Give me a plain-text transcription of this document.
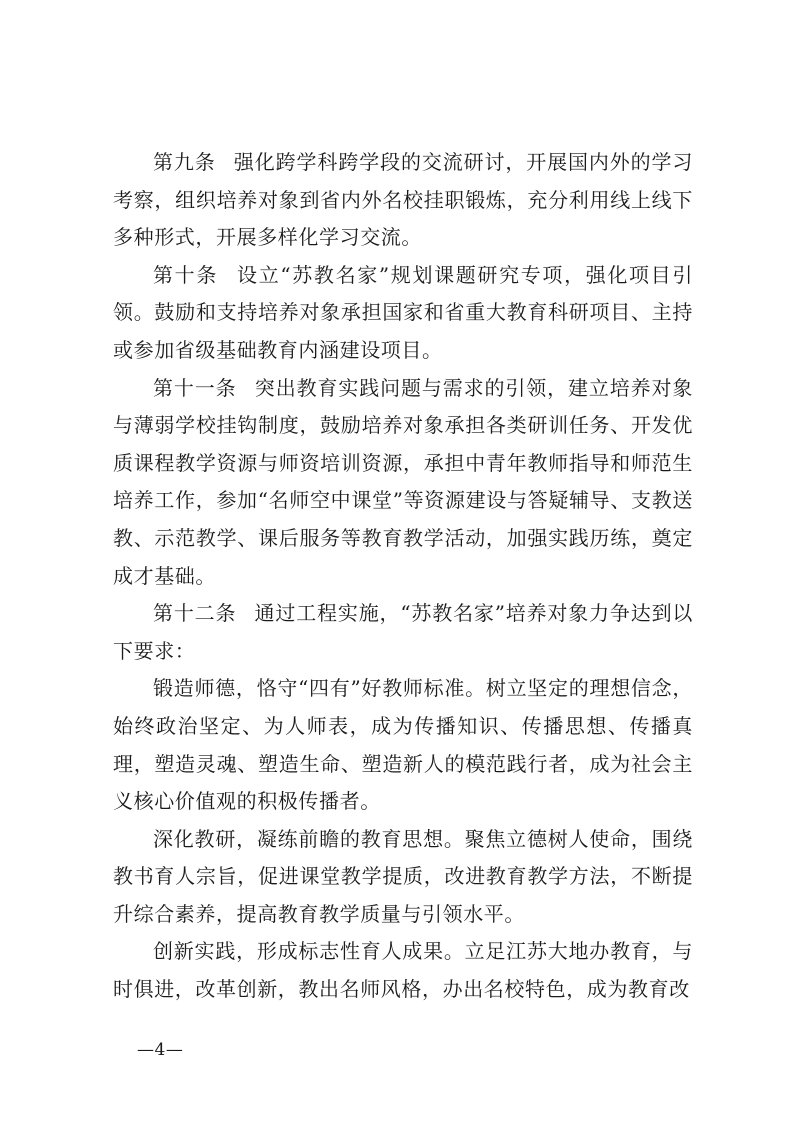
第九条 强化跨学科跨学段的交流研讨，开展国内外的学习考察，组织培养对象到省内外名校挂职锻炼，充分利用线上线下多种形式，开展多样化学习交流。

第十条 设立“苏教名家”规划课题研究专项，强化项目引领。鼓励和支持培养对象承担国家和省重大教育科研项目、主持或参加省级基础教育内涵建设项目。

第十一条 突出教育实践问题与需求的引领，建立培养对象与薄弱学校挂钩制度，鼓励培养对象承担各类研训任务、开发优质课程教学资源与师资培训资源，承担中青年教师指导和师范生培养工作，参加“名师空中课堂”等资源建设与答疑辅导、支教送教、示范教学、课后服务等教育教学活动，加强实践历练，奠定成才基础。

第十二条 通过工程实施，“苏教名家”培养对象力争达到以下要求：

锻造师德，恪守“四有”好教师标准。树立坚定的理想信念，始终政治坚定、为人师表，成为传播知识、传播思想、传播真理，塑造灵魂、塑造生命、塑造新人的模范践行者，成为社会主义核心价值观的积极传播者。

深化教研，凝练前瞻的教育思想。聚焦立德树人使命，围绕教书育人宗旨，促进课堂教学提质，改进教育教学方法，不断提升综合素养，提高教育教学质量与引领水平。

创新实践，形成标志性育人成果。立足江苏大地办教育，与时俱进，改革创新，教出名师风格，办出名校特色，成为教育改

—4—
